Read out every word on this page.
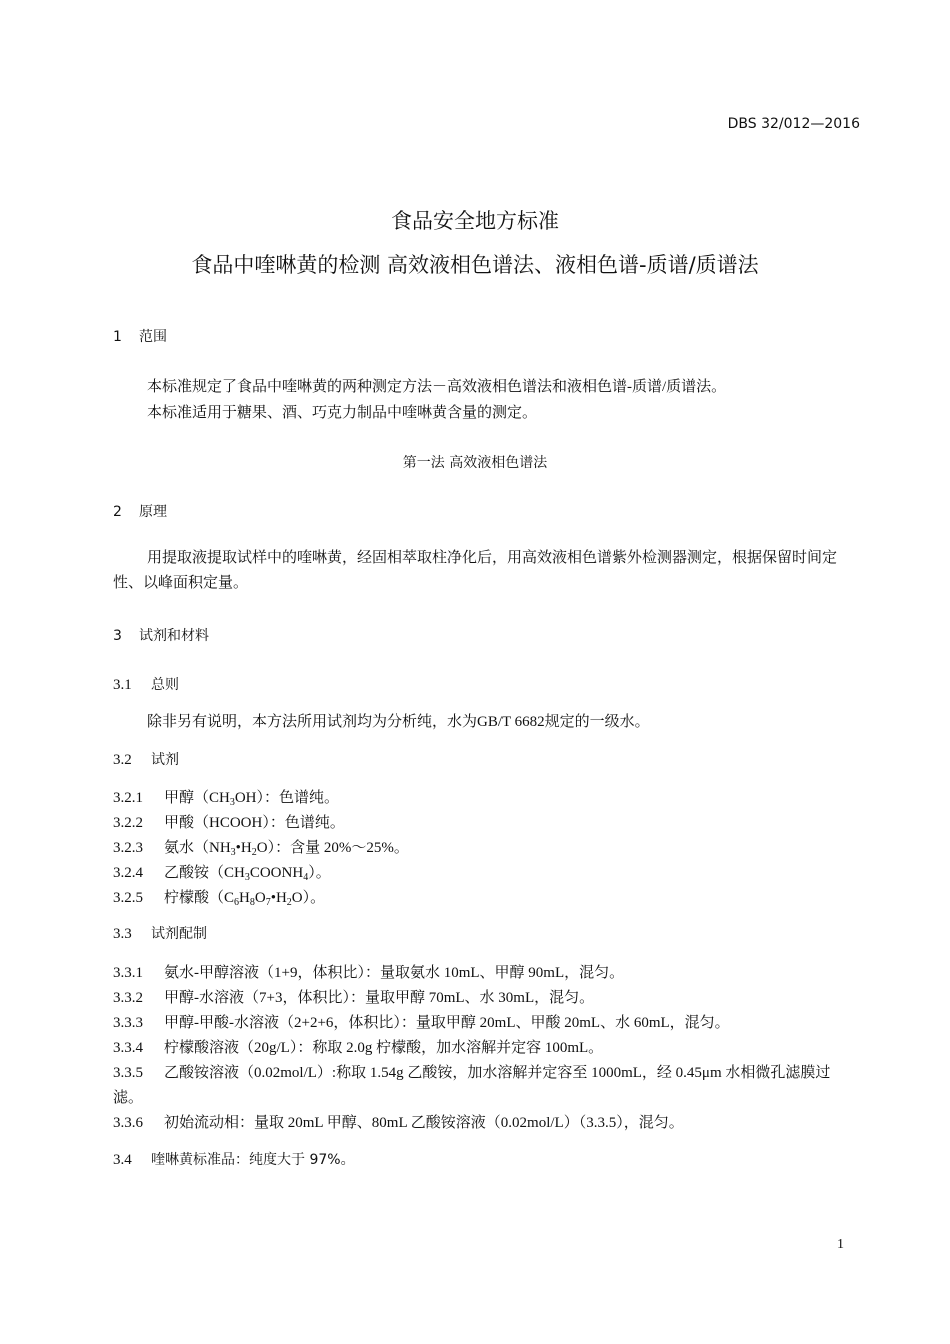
DBS 32/012—2016
食品安全地方标准
食品中喹啉黄的检测 高效液相色谱法、液相色谱-质谱/质谱法
1 范围
本标准规定了食品中喹啉黄的两种测定方法－高效液相色谱法和液相色谱-质谱/质谱法。
本标准适用于糖果、酒、巧克力制品中喹啉黄含量的测定。
第一法 高效液相色谱法
2 原理
用提取液提取试样中的喹啉黄，经固相萃取柱净化后，用高效液相色谱紫外检测器测定，根据保留时间定性、以峰面积定量。
3 试剂和材料
3.1 总则
除非另有说明，本方法所用试剂均为分析纯，水为GB/T 6682规定的一级水。
3.2 试剂
3.2.1 甲醇$(CH_3OH)$：色谱纯。
3.2.2 甲酸（HCOOH）：色谱纯。
3.2.3 氨水$(NH_3•H_2O)$：含量 20%～25%。
3.2.4 乙酸铵$(CH_3COONH_4)$。
3.2.5 柠檬酸$(C_6H_8O_7•H_2O)$。
3.3 试剂配制
3.3.1 氨水-甲醇溶液（1+9，体积比）：量取氨水 10mL、甲醇 90mL，混匀。
3.3.2 甲醇-水溶液（7+3，体积比）：量取甲醇 70mL、水 30mL，混匀。
3.3.3 甲醇-甲酸-水溶液（2+2+6，体积比）：量取甲醇 20mL、甲酸 20mL、水 60mL，混匀。
3.3.4 柠檬酸溶液（20g/L）：称取 2.0g 柠檬酸，加水溶解并定容 100mL。
3.3.5 乙酸铵溶液（0.02mol/L）:称取 1.54g 乙酸铵，加水溶解并定容至 1000mL，经 0.45μm 水相微孔滤膜过滤。
3.3.6 初始流动相：量取 20mL 甲醇、80mL 乙酸铵溶液（0.02mol/L）（3.3.5），混匀。
3.4 喹啉黄标准品：纯度大于 97%。
1
